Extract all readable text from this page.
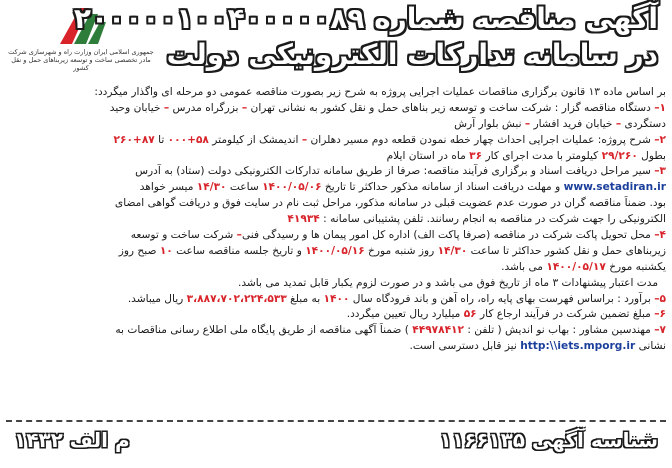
جمهوری اسلامی ایران وزارت راه و شهرسازی شرکت مادر تخصصی ساخت و توسعه زیربناهای حمل و نقل کشور
آگهی مناقصه شماره ۲۰۰۰۰۰۱۰۰۴۰۰۰۰۰۸۹
در سامانه تدارکات الکترونیکی دولت
بر اساس ماده ۱۳ قانون برگزاری مناقصات عملیات اجرایی پروژه به شرح زیر بصورت مناقصه عمومی دو مرحله ای واگذار میگردد:
۱– دستگاه مناقصه گزار : شرکت ساخت و توسعه زیر بناهای حمل و نقل کشور به نشانی تهران – بزرگراه مدرس – خیابان وحید
دستگردی – خیابان فرید افشار – نبش بلوار آرش
۲– شرح پروژه: عملیات اجرایی احداث چهار خطه نمودن قطعه دوم مسیر دهلران – اندیمشک از کیلومتر ۵۸+۰۰۰ تا ۸۷+۲۶۰
بطول ۲۹/۲۶۰ کیلومتر با مدت اجرای کار ۳۶ ماه در استان ایلام
۳– سیر مراحل دریافت اسناد و برگزاری فرآیند مناقصه: صرفا از طریق سامانه تدارکات الکترونیکی دولت (ستاد) به آدرس
www.setadiran.ir و مهلت دریافت اسناد از سامانه مذکور حداکثر تا تاریخ ۱۴۰۰/۰۵/۰۶ ساعت ۱۴/۳۰ میسر خواهد
بود. ضمناً مناقصه گران در صورت عدم عضویت قبلی در سامانه مذکور، مراحل ثبت نام در سایت فوق و دریافت گواهی امضای
الکترونیکی را جهت شرکت در مناقصه به انجام رسانند. تلفن پشتیبانی سامانه : ۴۱۹۳۴
۴– محل تحویل پاکت شرکت در مناقصه (صرفا پاکت الف) اداره کل امور پیمان ها و رسیدگی فنی– شرکت ساخت و توسعه
زیربناهای حمل و نقل کشور حداکثر تا ساعت ۱۴/۳۰ روز شنبه مورخ ۱۴۰۰/۰۵/۱۶ و تاریخ جلسه مناقصه ساعت ۱۰ صبح روز
یکشنبه مورخ ۱۴۰۰/۰۵/۱۷ می باشد.
مدت اعتبار پیشنهادات ۳ ماه از تاریخ فوق می باشد و در صورت لزوم یکبار قابل تمدید می باشد.
۵– برآورد : براساس فهرست بهای پایه راه، راه آهن و باند فرودگاه سال ۱۴۰۰ به مبلغ ۳،۸۸۷،۷۰۲،۲۲۴،۵۳۳ ریال میباشد.
۶– مبلغ تضمین شرکت در فرآیند ارجاع کار ۵۶ میلیارد ریال تعیین میگردد.
۷– مهندسین مشاور : بهاب نو اندیش ( تلفن : ۴۴۹۷۸۴۱۲ ) ضمناً آگهی مناقصه از طریق پایگاه ملی اطلاع رسانی مناقصات به
نشانی http:\\iets.mporg.ir نیز قابل دسترسی است.
شناسه آگهی ۱۱۶۶۱۳۵
م الف ۱۴۳۲
